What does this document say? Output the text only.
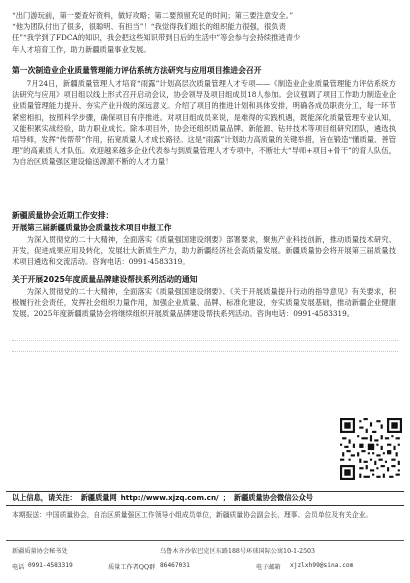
“出门游玩前，第一要查好资料，做好攻略；第二要预留充足的时间；第三要注意安全。”

“他为团队付出了很多，很聪明、有担当”！“我觉得我们组长的组织能力很强，很负责

任”“我学到了FDCA的知识，我会把这些知识带到日后的生活中”等会参与会持续推进青少

年人才培育工作，助力新疆质量事业发展。

第一次制造业企业质量管理能力评估系统方法研究与应用项目推进会召开

7月24日，新疆质量管理人才培育“雨露”计划高层次质量管理人才专项——《制造业企业质量管理能力评估系统方法研究与应用》项目组以线上形式召开启动会议，协会领导及项目组成员18人参加。会议强调了项目工作助力制造业企业质量管理能力提升、夯实产业升级的深远意义。介绍了项目的推进计划和具体安排，明确各成员职责分工，每一环节紧密相扣，按照科学步骤，确保项目有序推进。对项目组成员来说，是难得的实践机遇，既能深化质量管理专业认知，又能积累实战经验，助力职业成长。除本项目外，协会还组织质量品牌、新能源、钻井技术等项目组研究团队，遴选执培导师，发挥“传帮带”作用，拓宽质量人才成长路径。这是“雨露”计划助力高质量的关键举措，旨在锻造“懂质量、善管理”的高素质人才队伍。欢迎越来越多企业代表参与到质量管理人才专项中，不断壮大“导师+项目+骨干”的育人队伍，为自治区质量强区建设输送源源不断的人才力量！

新疆质量协会近期工作安排：
开展第三届新疆质量协会质量技术项目申报工作

为深入贯彻党的二十大精神，全面落实《质量强国建设纲要》部署要求，聚焦产业科技创新，推动质量技术研究、开发，促进成果应用及转化，发展壮大新质生产力，助力新疆经济社会高质量发展。新疆质量协会将开展第三届质量技术项目遴选和交流活动。咨询电话：0991-4583319。

关于开展2025年度质量品牌建设帮扶系列活动的通知

为深入贯彻党的二十大精神，全面落实《质量强国建设纲要》、《关于开展质量提升行动的指导意见》有关要求，积极履行社会责任，发挥社会组织力量作用，加强企业质量、品牌、标准化建设，夯实质量发展基础，推动新疆企业健康发展。2025年度新疆质量协会将继续组织开展质量品牌建设帮扶系列活动。咨询电话：0991-4583319。

以上信息，请关注： 新疆质量网 http://www.xjzq.com.cn/ ； 新疆质量协会微信公众号

本期报送：中国质量协会，自治区质量强区工作领导小组成员单位，新疆质量协会副会长、理事、会员单位及有关企业。

新疆质量协会秘书处	乌鲁木齐沙依巴克区东路188号环球国际公寓10-1-2503
电话 0991-4583319	质量工作者QQ群 86467031	电子邮箱 xjzlxh99@sina.com
